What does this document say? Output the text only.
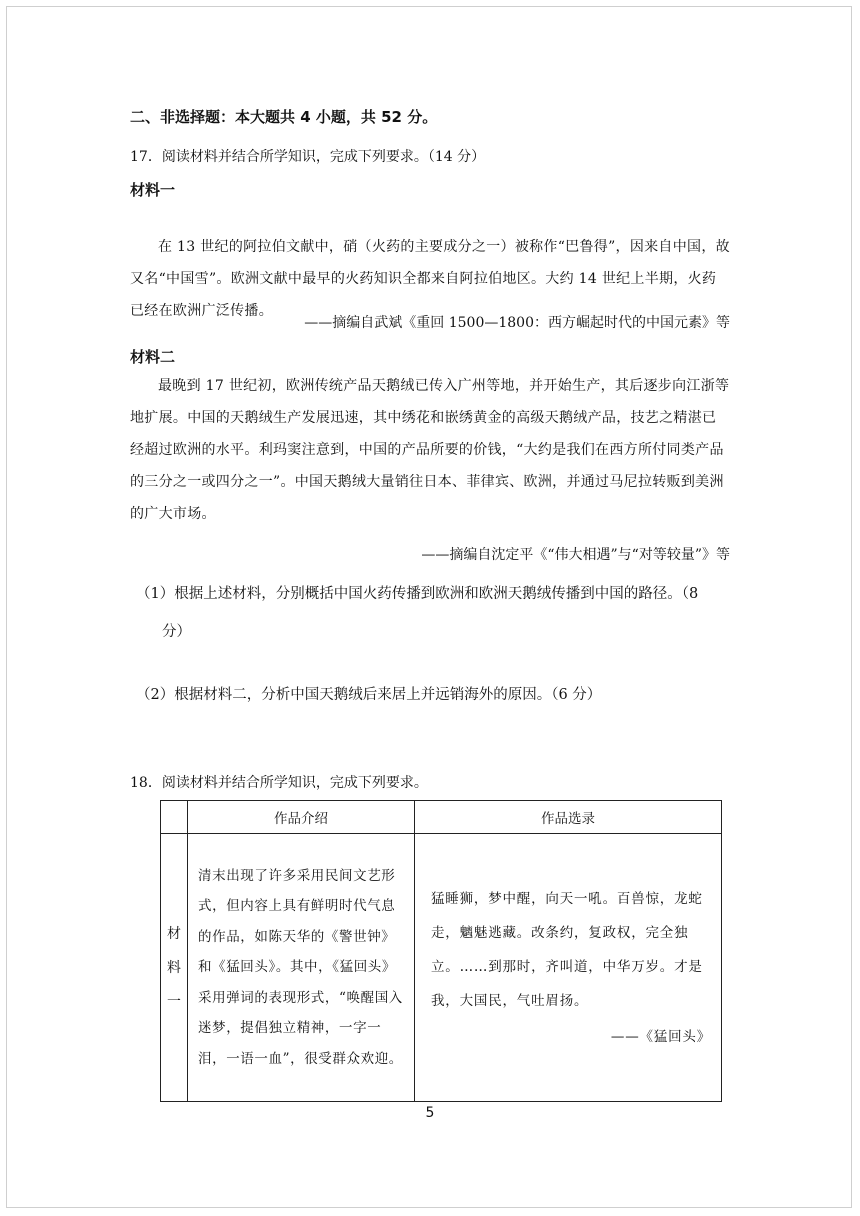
二、非选择题：本大题共 4 小题，共 52 分。

17．阅读材料并结合所学知识，完成下列要求。（14 分）

材料一

在 13 世纪的阿拉伯文献中，硝（火药的主要成分之一）被称作“巴鲁得”，因来自中国，故又名“中国雪”。欧洲文献中最早的火药知识全都来自阿拉伯地区。大约 14 世纪上半期，火药已经在欧洲广泛传播。

——摘编自武斌《重回 1500—1800：西方崛起时代的中国元素》等

材料二

最晚到 17 世纪初，欧洲传统产品天鹅绒已传入广州等地，并开始生产，其后逐步向江浙等地扩展。中国的天鹅绒生产发展迅速，其中绣花和嵌绣黄金的高级天鹅绒产品，技艺之精湛已经超过欧洲的水平。利玛窦注意到，中国的产品所要的价钱，“大约是我们在西方所付同类产品的三分之一或四分之一”。中国天鹅绒大量销往日本、菲律宾、欧洲，并通过马尼拉转贩到美洲的广大市场。

——摘编自沈定平《“伟大相遇”与“对等较量”》等

（1）根据上述材料，分别概括中国火药传播到欧洲和欧洲天鹅绒传播到中国的路径。（8
分）

（2）根据材料二，分析中国天鹅绒后来居上并远销海外的原因。（6 分）

18．阅读材料并结合所学知识，完成下列要求。

	作品介绍	作品选录

材
料
一	清末出现了许多采用民间文艺形式，但内容上具有鲜明时代气息的作品，如陈天华的《警世钟》和《猛回头》。其中，《猛回头》采用弹词的表现形式，“唤醒国入迷梦，提倡独立精神，一字一泪，一语一血”，很受群众欢迎。	猛睡狮，梦中醒，向天一吼。百兽惊，龙蛇走，魑魅逃藏。改条约，复政权，完全独立。……到那时，齐叫道，中华万岁。才是我，大国民，气吐眉扬。
——《猛回头》

5
